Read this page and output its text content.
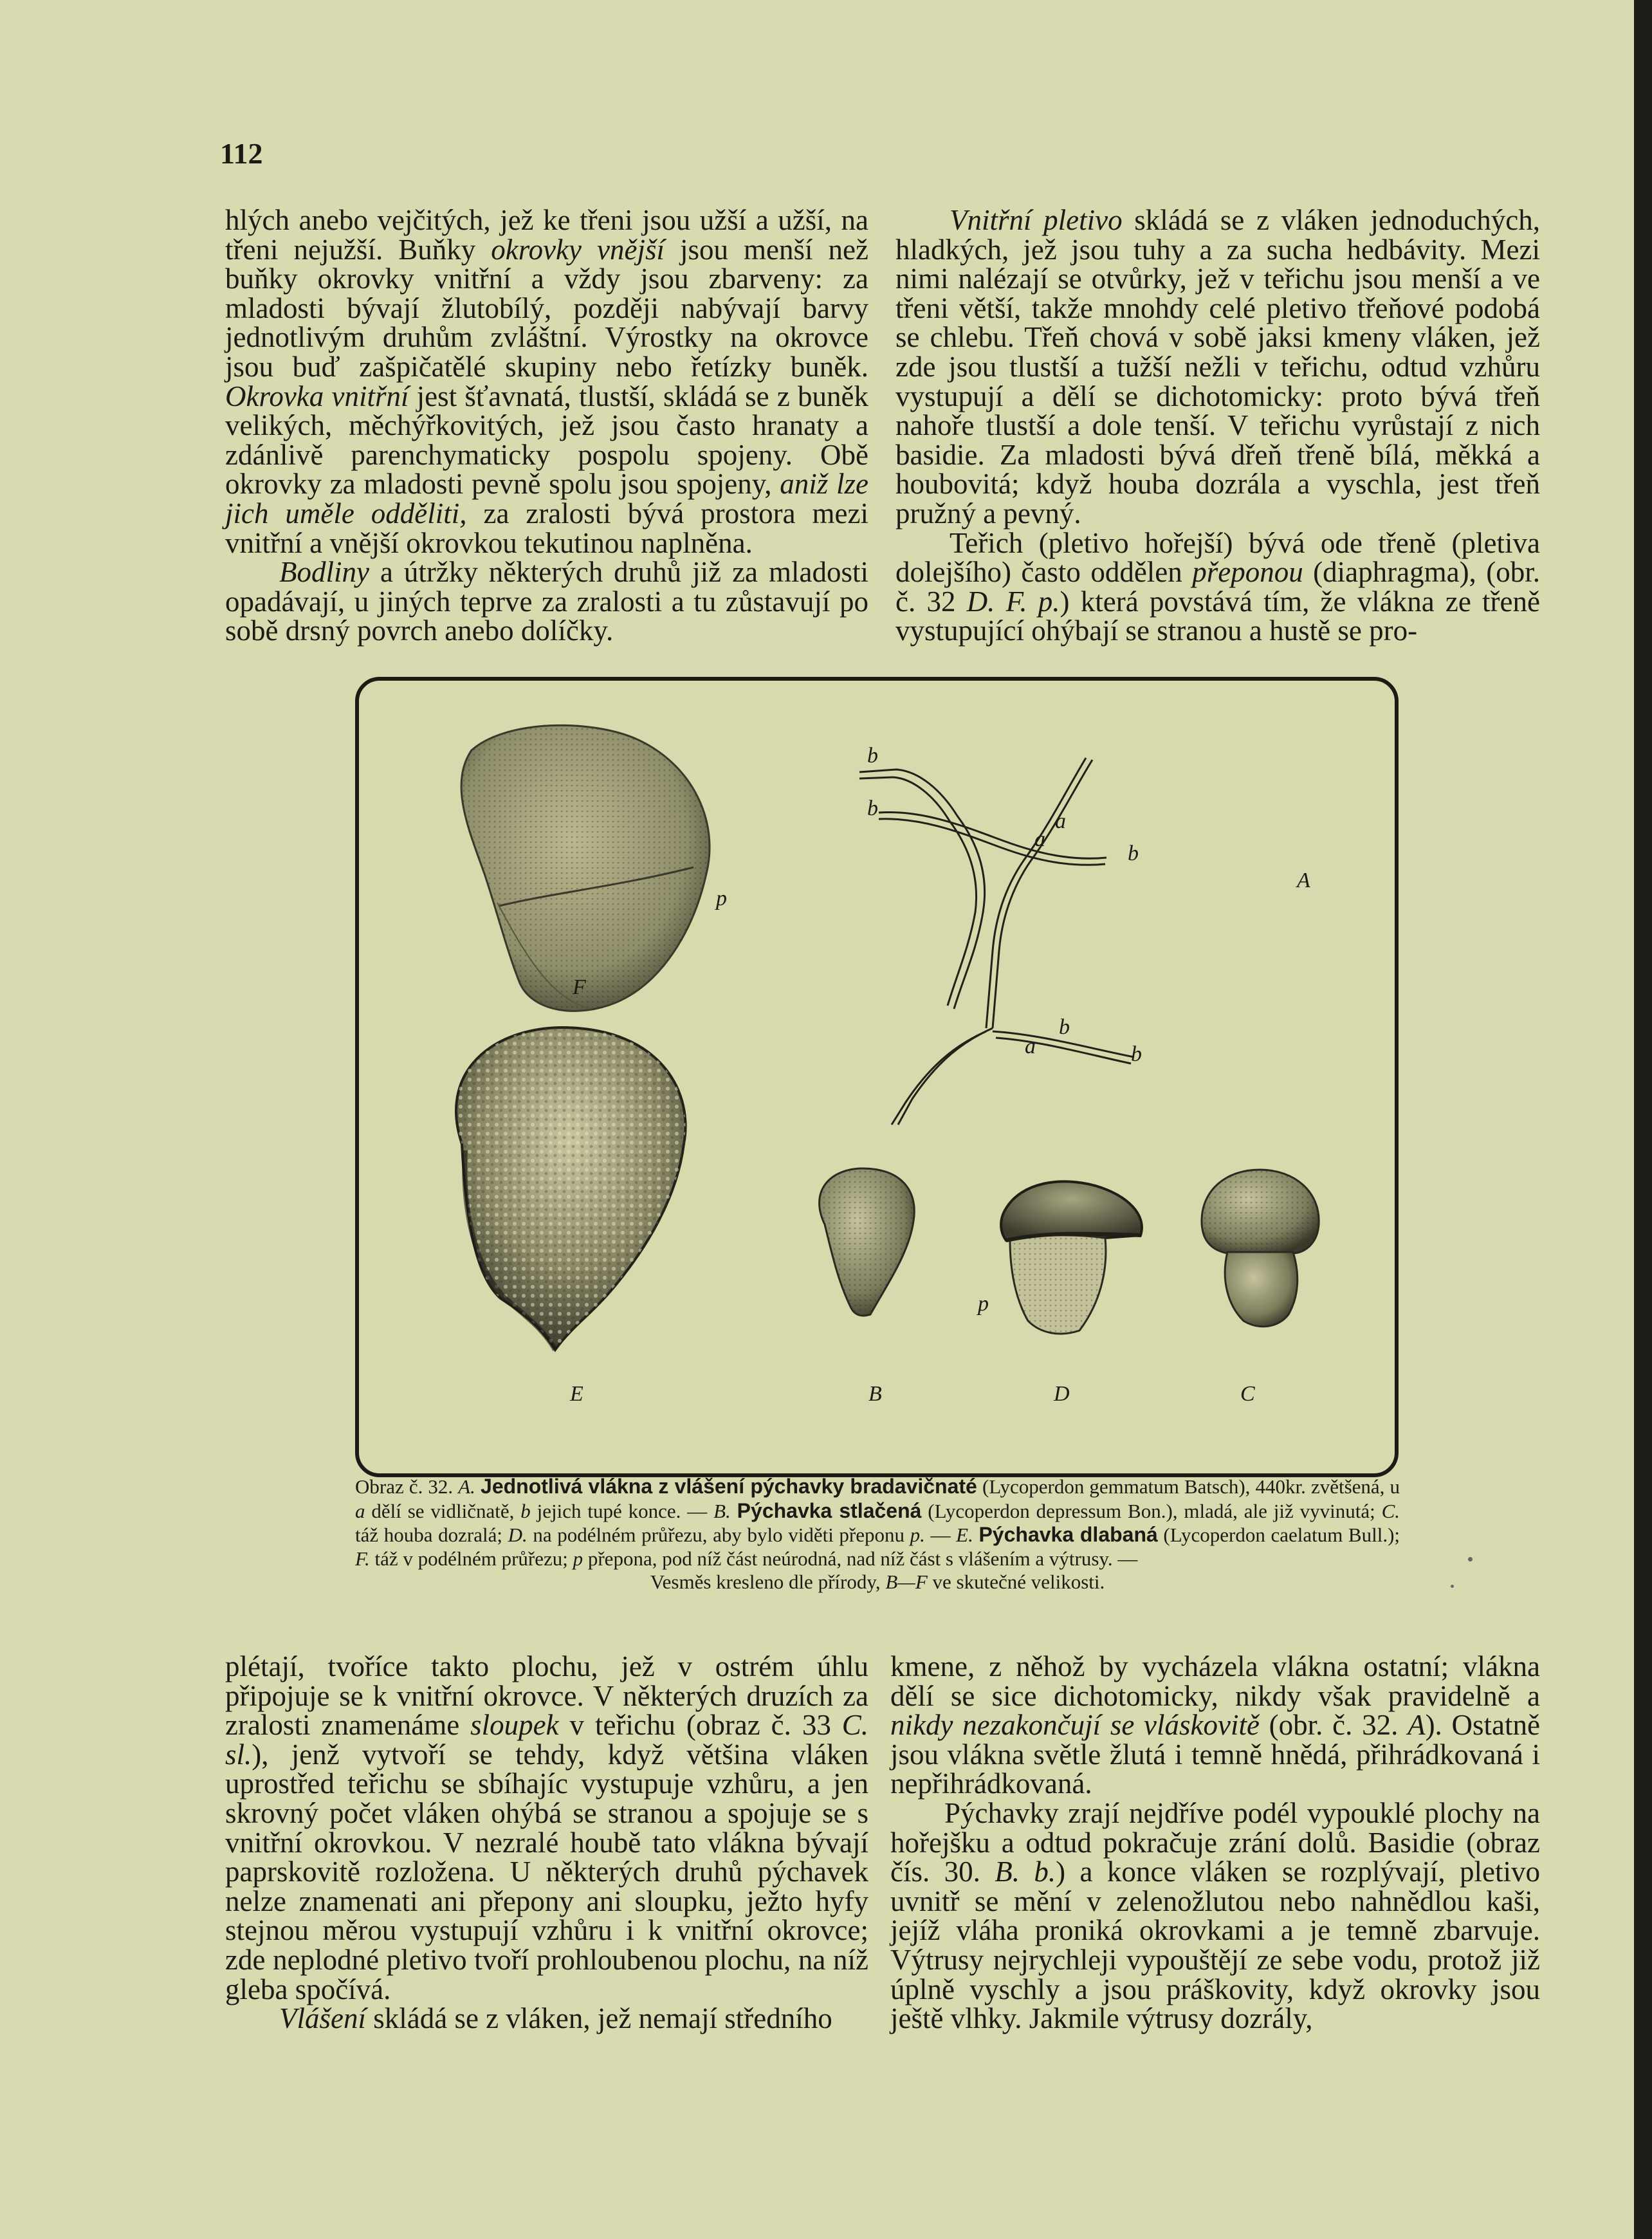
112

hlých anebo vejčitých, jež ke třeni jsou užší a užší, na třeni nejužší. Buňky okrovky vnější jsou menší než buňky okrovky vnitřní a vždy jsou zbarveny: za mladosti bývají žlutobílý, později nabývají barvy jednotlivým druhům zvláštní. Výrostky na okrovce jsou buď zašpičatělé skupiny nebo řetízky buněk. Okrovka vnitřní jest šťavnatá, tlustší, skládá se z buněk velikých, měchýřkovitých, jež jsou často hranaty a zdánlivě parenchymaticky pospolu spojeny. Obě okrovky za mladosti pevně spolu jsou spojeny, aniž lze jich uměle odděliti, za zralosti bývá prostora mezi vnitřní a vnější okrovkou tekutinou naplněna.

Bodliny a útržky některých druhů již za mladosti opadávají, u jiných teprve za zralosti a tu zůstavují po sobě drsný povrch anebo dolíčky.

Vnitřní pletivo skládá se z vláken jednoduchých, hladkých, jež jsou tuhy a za sucha hedbávity. Mezi nimi nalézají se otvůrky, jež v teřichu jsou menší a ve třeni větší, takže mnohdy celé pletivo třeňové podobá se chlebu. Třeň chová v sobě jaksi kmeny vláken, jež zde jsou tlustší a tužší nežli v teřichu, odtud vzhůru vystupují a dělí se dichotomicky: proto bývá třeň nahoře tlustší a dole tenší. V teřichu vyrůstají z nich basidie. Za mladosti bývá dřeň třeně bílá, měkká a houbovitá; když houba dozrála a vyschla, jest třeň pružný a pevný.

Teřich (pletivo hořejší) bývá ode třeně (pletiva dolejšího) často oddělen přeponou (diaphragma), (obr. č. 32 D. F. p.) která povstává tím, že vlákna ze třeně vystupující ohýbají se stranou a hustě se pro-

F
p
E	B	D	C
p
A
a
a
a
b
b
b
b
b
Obraz č. 32. A. Jednotlivá vlákna z vlášení pýchavky bradavičnaté (Lycoperdon gemmatum Batsch), 440kr. zvětšená, u a dělí se vidličnatě, b jejich tupé konce. — B. Pýchavka stlačená (Lycoperdon depressum Bon.), mladá, ale již vyvinutá; C. táž houba dozralá; D. na podélném průřezu, aby bylo viděti přeponu p. — E. Pýchavka dlabaná (Lycoperdon caelatum Bull.); F. táž v podélném průřezu; p přepona, pod níž část neúrodná, nad níž část s vlášením a výtrusy. —
Vesměs kresleno dle přírody, B—F ve skutečné velikosti.

plétají, tvoříce takto plochu, jež v ostrém úhlu připojuje se k vnitřní okrovce. V některých druzích za zralosti znamenáme sloupek v teřichu (obraz č. 33 C. sl.), jenž vytvoří se tehdy, když většina vláken uprostřed teřichu se sbíhajíc vystupuje vzhůru, a jen skrovný počet vláken ohýbá se stranou a spojuje se s vnitřní okrovkou. V nezralé houbě tato vlákna bývají paprskovitě rozložena. U některých druhů pýchavek nelze znamenati ani přepony ani sloupku, ježto hyfy stejnou měrou vystupují vzhůru i k vnitřní okrovce; zde neplodné pletivo tvoří prohloubenou plochu, na níž gleba spočívá.

Vlášení skládá se z vláken, jež nemají středního

kmene, z něhož by vycházela vlákna ostatní; vlákna dělí se sice dichotomicky, nikdy však pravidelně a nikdy nezakončují se vláskovitě (obr. č. 32. A). Ostatně jsou vlákna světle žlutá i temně hnědá, přihrádkovaná i nepřihrádkovaná.

Pýchavky zrají nejdříve podél vypouklé plochy na hořejšku a odtud pokračuje zrání dolů. Basidie (obraz čís. 30. B. b.) a konce vláken se rozplývají, pletivo uvnitř se mění v zelenožlutou nebo nahnědlou kaši, jejíž vláha proniká okrovkami a je temně zbarvuje. Výtrusy nejrychleji vypouštějí ze sebe vodu, protož již úplně vyschly a jsou práškovity, když okrovky jsou ještě vlhky. Jakmile výtrusy dozrály,
